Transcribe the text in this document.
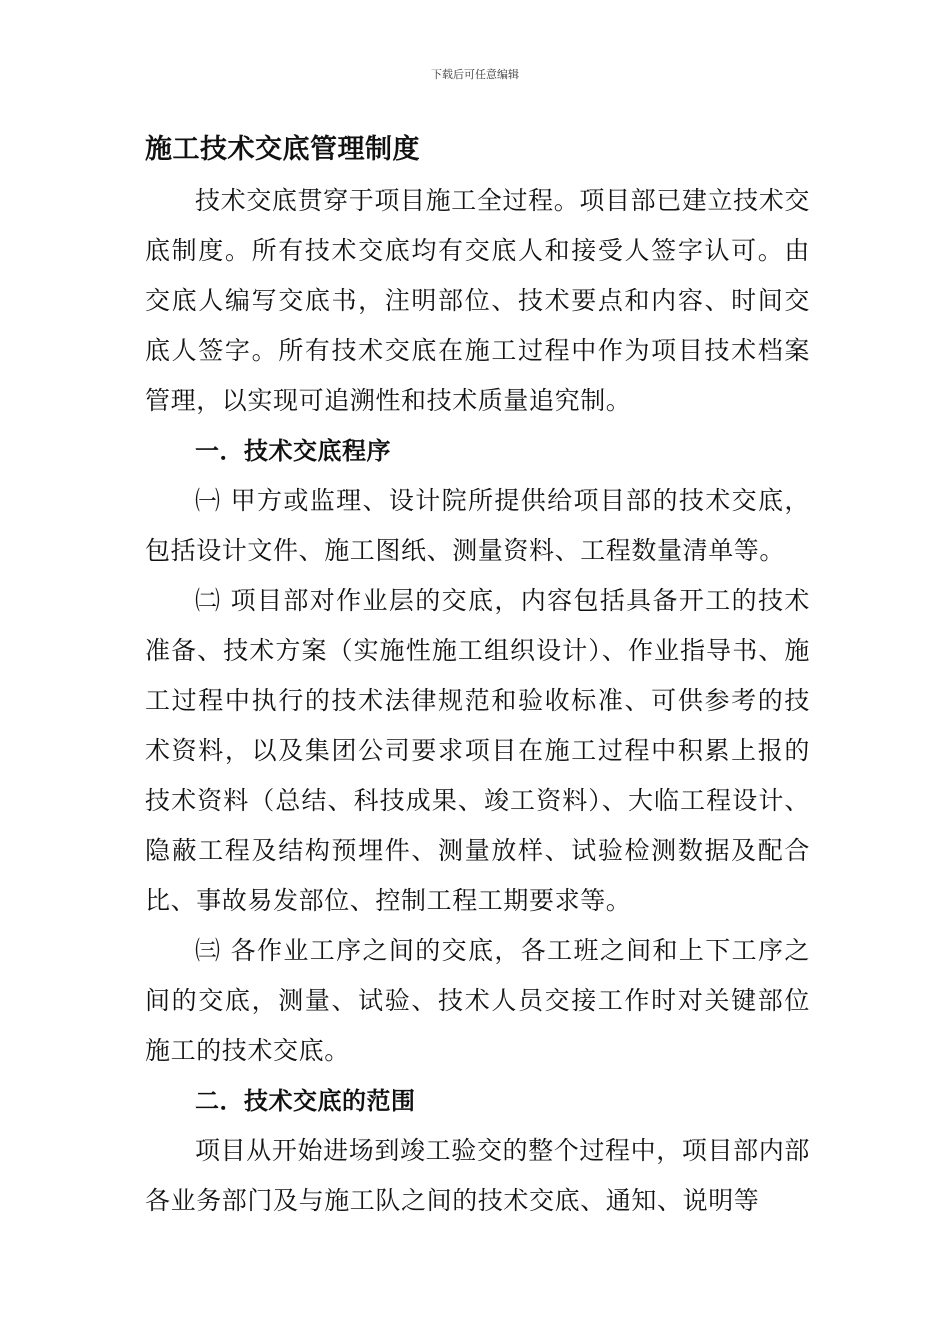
下载后可任意编辑
施工技术交底管理制度

技术交底贯穿于项目施工全过程。项目部已建立技术交底制度。所有技术交底均有交底人和接受人签字认可。由交底人编写交底书，注明部位、技术要点和内容、时间交底人签字。所有技术交底在施工过程中作为项目技术档案管理，以实现可追溯性和技术质量追究制。

一．技术交底程序

㈠ 甲方或监理、设计院所提供给项目部的技术交底，包括设计文件、施工图纸、测量资料、工程数量清单等。

㈡ 项目部对作业层的交底，内容包括具备开工的技术准备、技术方案（实施性施工组织设计）、作业指导书、施工过程中执行的技术法律规范和验收标准、可供参考的技术资料，以及集团公司要求项目在施工过程中积累上报的技术资料（总结、科技成果、竣工资料）、大临工程设计、隐蔽工程及结构预埋件、测量放样、试验检测数据及配合比、事故易发部位、控制工程工期要求等。

㈢ 各作业工序之间的交底，各工班之间和上下工序之间的交底，测量、试验、技术人员交接工作时对关键部位施工的技术交底。

二．技术交底的范围

项目从开始进场到竣工验交的整个过程中，项目部内部各业务部门及与施工队之间的技术交底、通知、说明等
